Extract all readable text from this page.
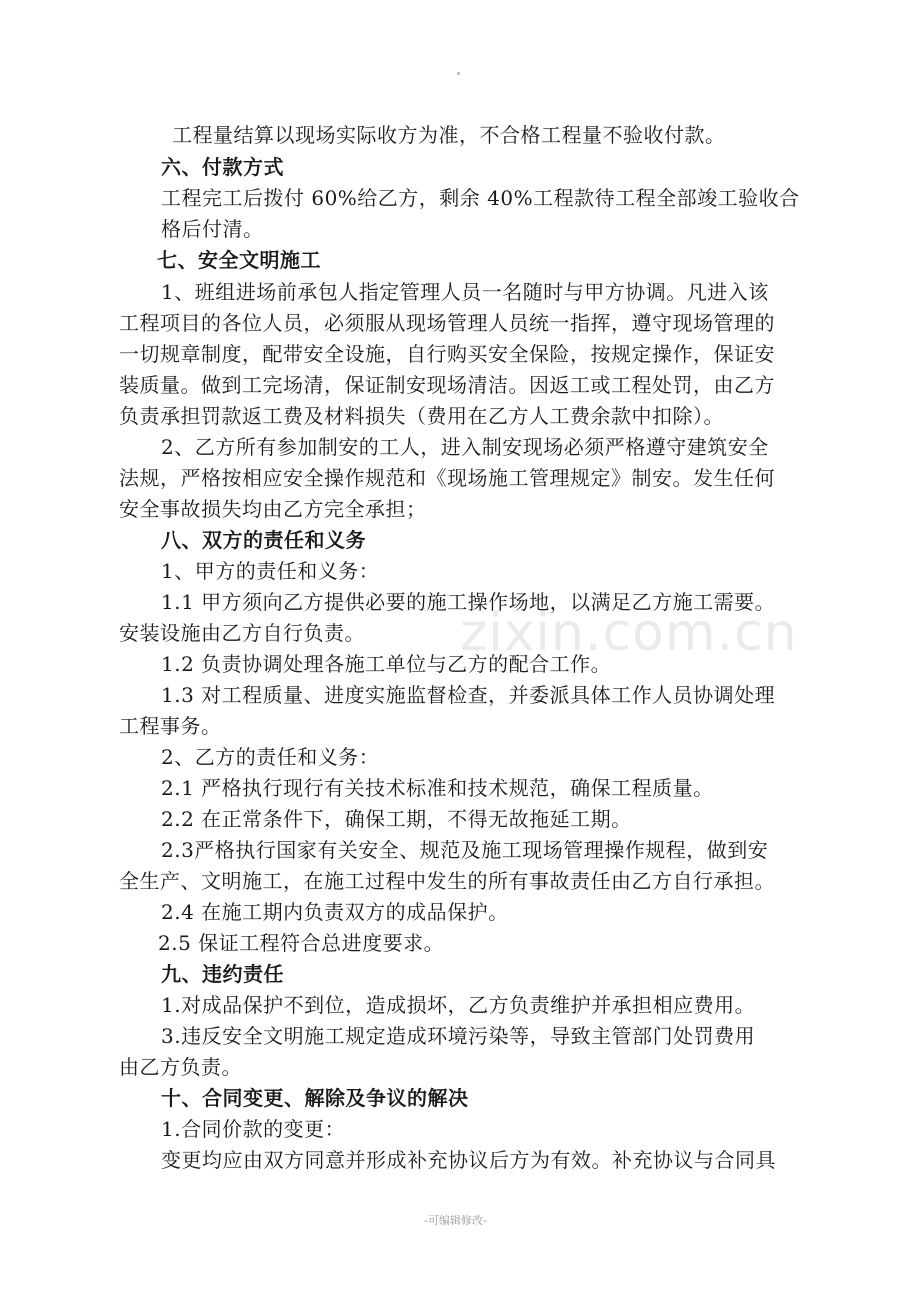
zixin.com.cn
工程量结算以现场实际收方为准，不合格工程量不验收付款。
六、付款方式
工程完工后拨付 60%给乙方，剩余 40%工程款待工程全部竣工验收合
格后付清。
七、安全文明施工
1、班组进场前承包人指定管理人员一名随时与甲方协调。凡进入该
工程项目的各位人员，必须服从现场管理人员统一指挥，遵守现场管理的
一切规章制度，配带安全设施，自行购买安全保险，按规定操作，保证安
装质量。做到工完场清，保证制安现场清洁。因返工或工程处罚，由乙方
负责承担罚款返工费及材料损失（费用在乙方人工费余款中扣除）。
2、乙方所有参加制安的工人，进入制安现场必须严格遵守建筑安全
法规，严格按相应安全操作规范和《现场施工管理规定》制安。发生任何
安全事故损失均由乙方完全承担；
八、双方的责任和义务
1、甲方的责任和义务：
1.1 甲方须向乙方提供必要的施工操作场地，以满足乙方施工需要。
安装设施由乙方自行负责。
1.2 负责协调处理各施工单位与乙方的配合工作。
1.3 对工程质量、进度实施监督检查，并委派具体工作人员协调处理
工程事务。
2、乙方的责任和义务：
2.1 严格执行现行有关技术标准和技术规范，确保工程质量。
2.2 在正常条件下，确保工期，不得无故拖延工期。
2.3严格执行国家有关安全、规范及施工现场管理操作规程，做到安
全生产、文明施工，在施工过程中发生的所有事故责任由乙方自行承担。
2.4 在施工期内负责双方的成品保护。
2.5 保证工程符合总进度要求。
九、违约责任
1.对成品保护不到位，造成损坏，乙方负责维护并承担相应费用。
3.违反安全文明施工规定造成环境污染等，导致主管部门处罚费用
由乙方负责。
十、合同变更、解除及争议的解决
1.合同价款的变更：
变更均应由双方同意并形成补充协议后方为有效。补充协议与合同具
-可编辑修改-
